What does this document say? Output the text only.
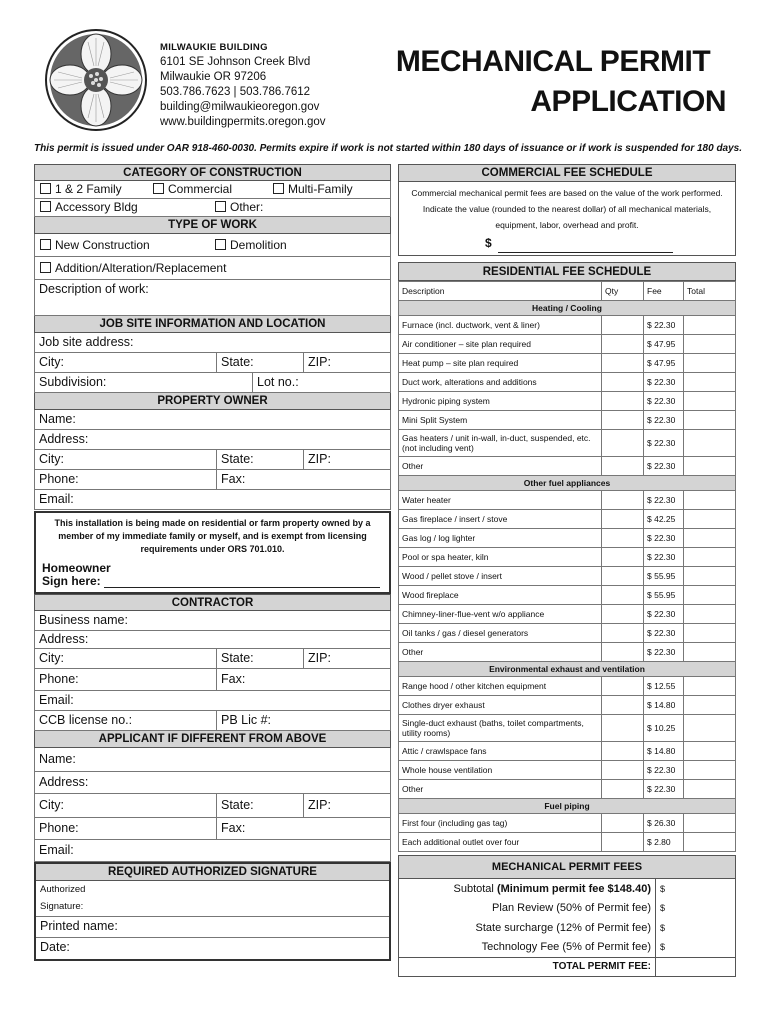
MILWAUKIE BUILDING
6101 SE Johnson Creek Blvd
Milwaukie OR 97206
503.786.7623 | 503.786.7612
building@milwaukieoregon.gov
www.buildingpermits.oregon.gov
MECHANICAL PERMIT
APPLICATION
This permit is issued under OAR 918-460-0030. Permits expire if work is not started within 180 days of issuance or if work is suspended for 180 days.
CATEGORY OF CONSTRUCTION
1 & 2 Family	Commercial	Multi-Family
Accessory Bldg	Other:
TYPE OF WORK
New Construction	Demolition
Addition/Alteration/Replacement
Description of work:
JOB SITE INFORMATION AND LOCATION
Job site address:
City:	State:	ZIP:
Subdivision:	Lot no.:
PROPERTY OWNER
Name:
Address:
City:	State:	ZIP:
Phone:	Fax:
Email:
This installation is being made on residential or farm property owned by a member of my immediate family or myself, and is exempt from licensing requirements under ORS 701.010.
Homeowner
Sign here:
CONTRACTOR
Business name:
Address:
City:	State:	ZIP:
Phone:	Fax:
Email:
CCB license no.:	PB Lic #:
APPLICANT IF DIFFERENT FROM ABOVE
Name:
Address:
City:	State:	ZIP:
Phone:	Fax:
Email:
REQUIRED AUTHORIZED SIGNATURE
Authorized
Signature:
Printed name:
Date:
COMMERCIAL FEE SCHEDULE
Commercial mechanical permit fees are based on the value of the work performed. Indicate the value (rounded to the nearest dollar) of all mechanical materials, equipment, labor, overhead and profit.
$
RESIDENTIAL FEE SCHEDULE
Description	Qty	Fee	Total
Heating / Cooling			
Furnace (incl. ductwork, vent & liner)		$ 22.30	
Air conditioner – site plan required		$ 47.95	
Heat pump – site plan required		$ 47.95	
Duct work, alterations and additions		$ 22.30	
Hydronic piping system		$ 22.30	
Mini Split System		$ 22.30	
Gas heaters / unit in-wall, in-duct, suspended, etc. (not including vent)		$ 22.30	
Other		$ 22.30	
Other fuel appliances			
Water heater		$ 22.30	
Gas fireplace / insert / stove		$ 42.25	
Gas log / log lighter		$ 22.30	
Pool or spa heater, kiln		$ 22.30	
Wood / pellet stove / insert		$ 55.95	
Wood fireplace		$ 55.95	
Chimney-liner-flue-vent w/o appliance		$ 22.30	
Oil tanks / gas / diesel generators		$ 22.30	
Other		$ 22.30	
Environmental exhaust and ventilation			
Range hood / other kitchen equipment		$ 12.55	
Clothes dryer exhaust		$ 14.80	
Single-duct exhaust (baths, toilet compartments, utility rooms)		$ 10.25	
Attic / crawlspace fans		$ 14.80	
Whole house ventilation		$ 22.30	
Other		$ 22.30	
Fuel piping			
First four (including gas tag)		$ 26.30	
Each additional outlet over four		$ 2.80	
MECHANICAL PERMIT FEES
Subtotal (Minimum permit fee $148.40)	$
Plan Review (50% of Permit fee)	$
State surcharge (12% of Permit fee)	$
Technology Fee (5% of Permit fee)	$
TOTAL PERMIT FEE:	
